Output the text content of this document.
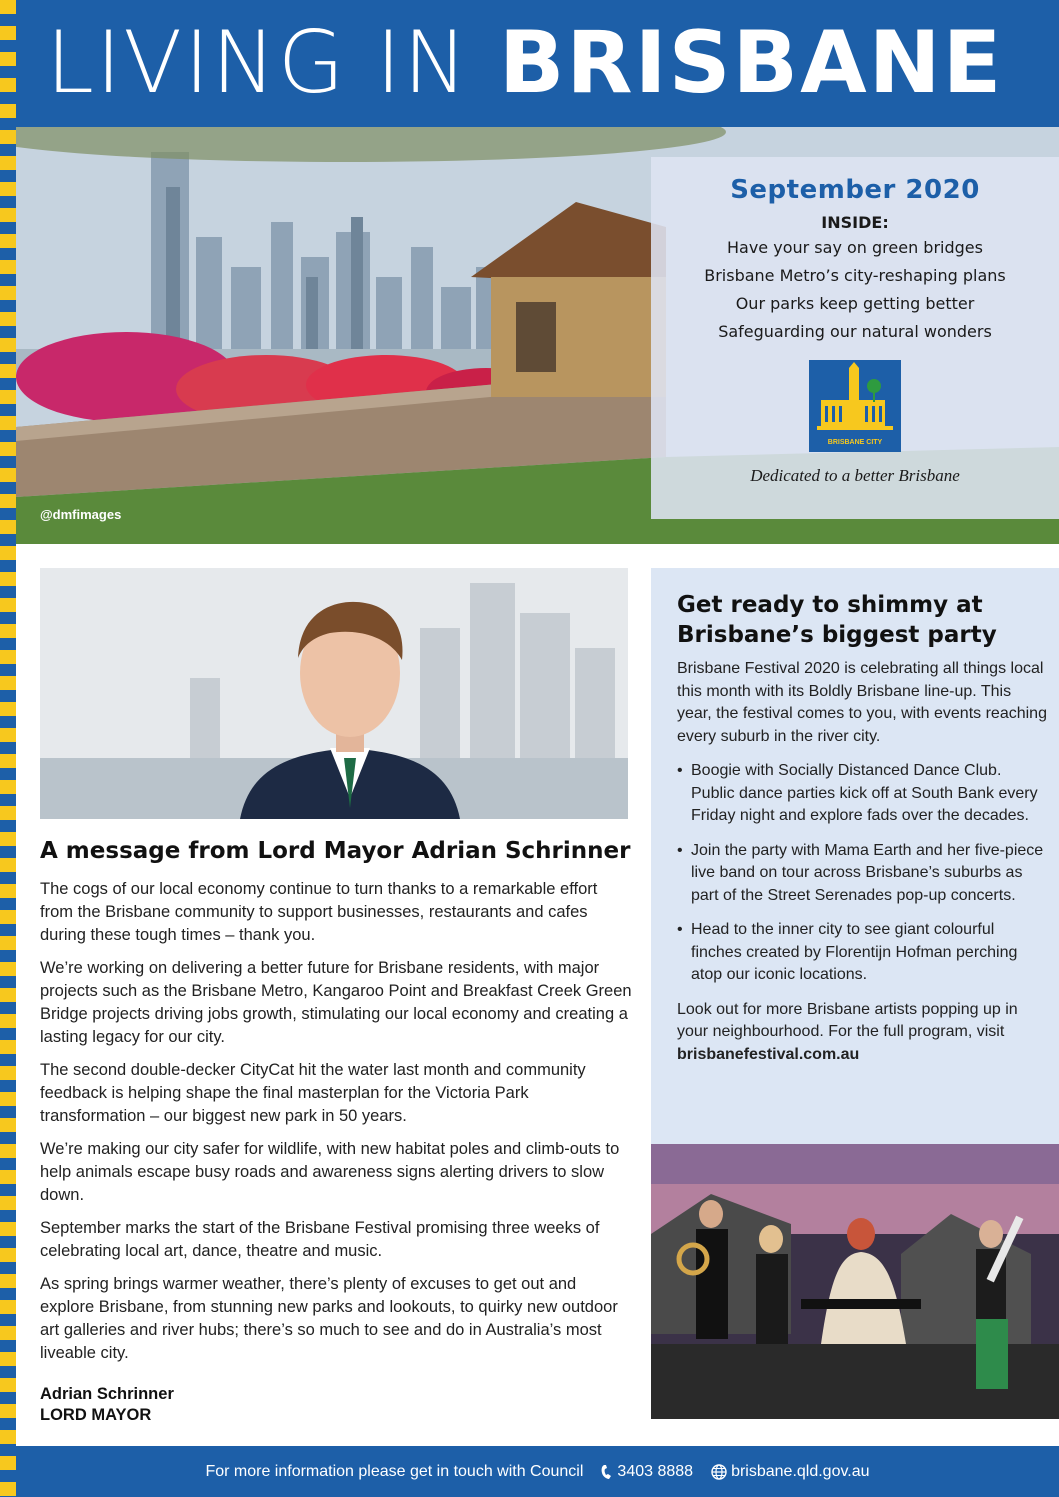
LIVING IN BRISBANE
@dmfimages
September 2020
INSIDE:
Have your say on green bridges
Brisbane Metro’s city-reshaping plans
Our parks keep getting better
Safeguarding our natural wonders
BRISBANE CITY
Dedicated to a better Brisbane
A message from Lord Mayor Adrian Schrinner

The cogs of our local economy continue to turn thanks to a remarkable effort from the Brisbane community to support businesses, restaurants and cafes during these tough times – thank you.

We’re working on delivering a better future for Brisbane residents, with major projects such as the Brisbane Metro, Kangaroo Point and Breakfast Creek Green Bridge projects driving jobs growth, stimulating our local economy and creating a lasting legacy for our city.

The second double-decker CityCat hit the water last month and community feedback is helping shape the final masterplan for the Victoria Park transformation – our biggest new park in 50 years.

We’re making our city safer for wildlife, with new habitat poles and climb-outs to help animals escape busy roads and awareness signs alerting drivers to slow down.

September marks the start of the Brisbane Festival promising three weeks of celebrating local art, dance, theatre and music.

As spring brings warmer weather, there’s plenty of excuses to get out and explore Brisbane, from stunning new parks and lookouts, to quirky new outdoor art galleries and river hubs; there’s so much to see and do in Australia’s most liveable city.

Adrian Schrinner
LORD MAYOR
Get ready to shimmy at Brisbane’s biggest party

Brisbane Festival 2020 is celebrating all things local this month with its Boldly Brisbane line-up. This year, the festival comes to you, with events reaching every suburb in the river city.

• Boogie with Socially Distanced Dance Club. Public dance parties kick off at South Bank every Friday night and explore fads over the decades.
• Join the party with Mama Earth and her five-piece live band on tour across Brisbane’s suburbs as part of the Street Serenades pop-up concerts.
• Head to the inner city to see giant colourful finches created by Florentijn Hofman perching atop our iconic locations.

Look out for more Brisbane artists popping up in your neighbourhood. For the full program, visit brisbanefestival.com.au

For more information please get in touch with Council 3403 8888 brisbane.qld.gov.au
